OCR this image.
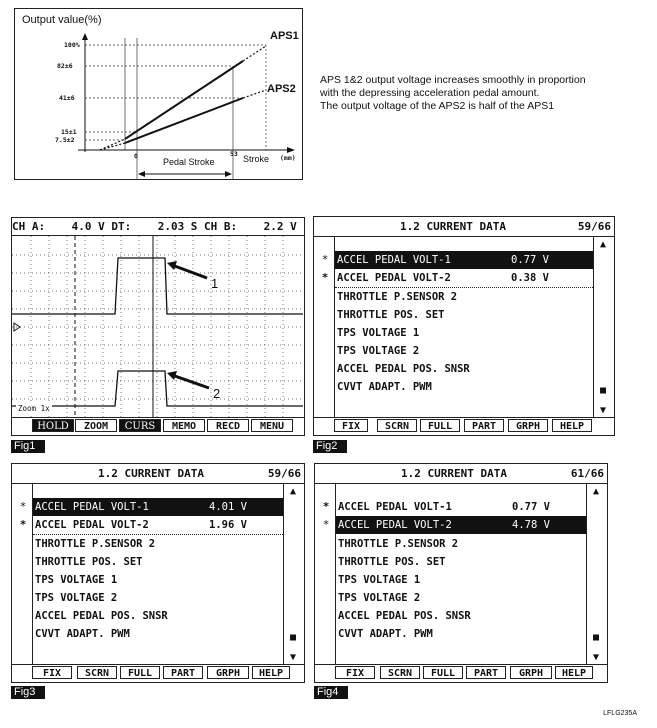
Output value(%)
100%
82±6
41±6
15±1
7.5±2
0	53 Stroke (mm)
Pedal Stroke
APS1
APS2
APS 1&2 output voltage increases smoothly in proportion
with the depressing acceleration pedal amount.
The output voltage of the APS2 is half of the APS1
CH A:    4.0 V DT:    2.03 S CH B:    2.2 V
1
2
Zoom 1x
HOLD	ZOOM	CURS	MEMO	RECD	MENU
Fig1
1.2 CURRENT DATA	59/66
* ACCEL PEDAL VOLT-1	0.77 V
* ACCEL PEDAL VOLT-2	0.38 V
THROTTLE P.SENSOR 2
THROTTLE POS. SET
TPS VOLTAGE 1
TPS VOLTAGE 2
ACCEL PEDAL POS. SNSR
CVVT ADAPT. PWM
▲
■
▼
FIX	SCRN	FULL	PART	GRPH	HELP
Fig2
1.2 CURRENT DATA	59/66
* ACCEL PEDAL VOLT-1	4.01 V
* ACCEL PEDAL VOLT-2	1.96 V
THROTTLE P.SENSOR 2
THROTTLE POS. SET
TPS VOLTAGE 1
TPS VOLTAGE 2
ACCEL PEDAL POS. SNSR
CVVT ADAPT. PWM
▲
■
▼
FIX	SCRN	FULL	PART	GRPH	HELP
Fig3
1.2 CURRENT DATA	61/66
* ACCEL PEDAL VOLT-1	0.77 V
* ACCEL PEDAL VOLT-2	4.78 V
THROTTLE P.SENSOR 2
THROTTLE POS. SET
TPS VOLTAGE 1
TPS VOLTAGE 2
ACCEL PEDAL POS. SNSR
CVVT ADAPT. PWM
▲
■
▼
FIX	SCRN	FULL	PART	GRPH	HELP
Fig4
LFLG235A
